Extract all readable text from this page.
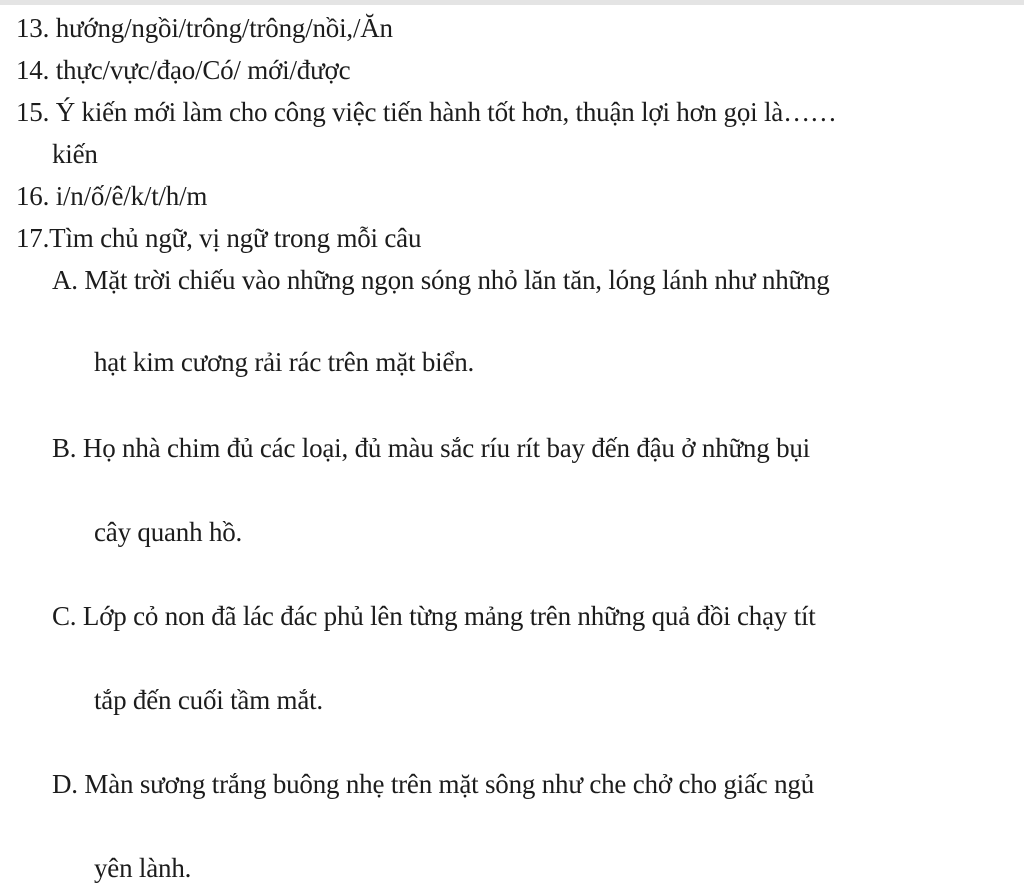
13. hướng/ngồi/trông/trông/nồi,/Ăn

14. thực/vực/đạo/Có/ mới/được

15. Ý kiến mới làm cho công việc tiến hành tốt hơn, thuận lợi hơn gọi là……

kiến

16. i/n/ố/ê/k/t/h/m

17.Tìm chủ ngữ, vị ngữ trong mỗi câu

A. Mặt trời chiếu vào những ngọn sóng nhỏ lăn tăn, lóng lánh như những

hạt kim cương rải rác trên mặt biển.

B. Họ nhà chim đủ các loại, đủ màu sắc ríu rít bay đến đậu ở những bụi

cây quanh hồ.

C. Lớp cỏ non đã lác đác phủ lên từng mảng trên những quả đồi chạy tít

tắp đến cuối tầm mắt.

D. Màn sương trắng buông nhẹ trên mặt sông như che chở cho giấc ngủ

yên lành.
